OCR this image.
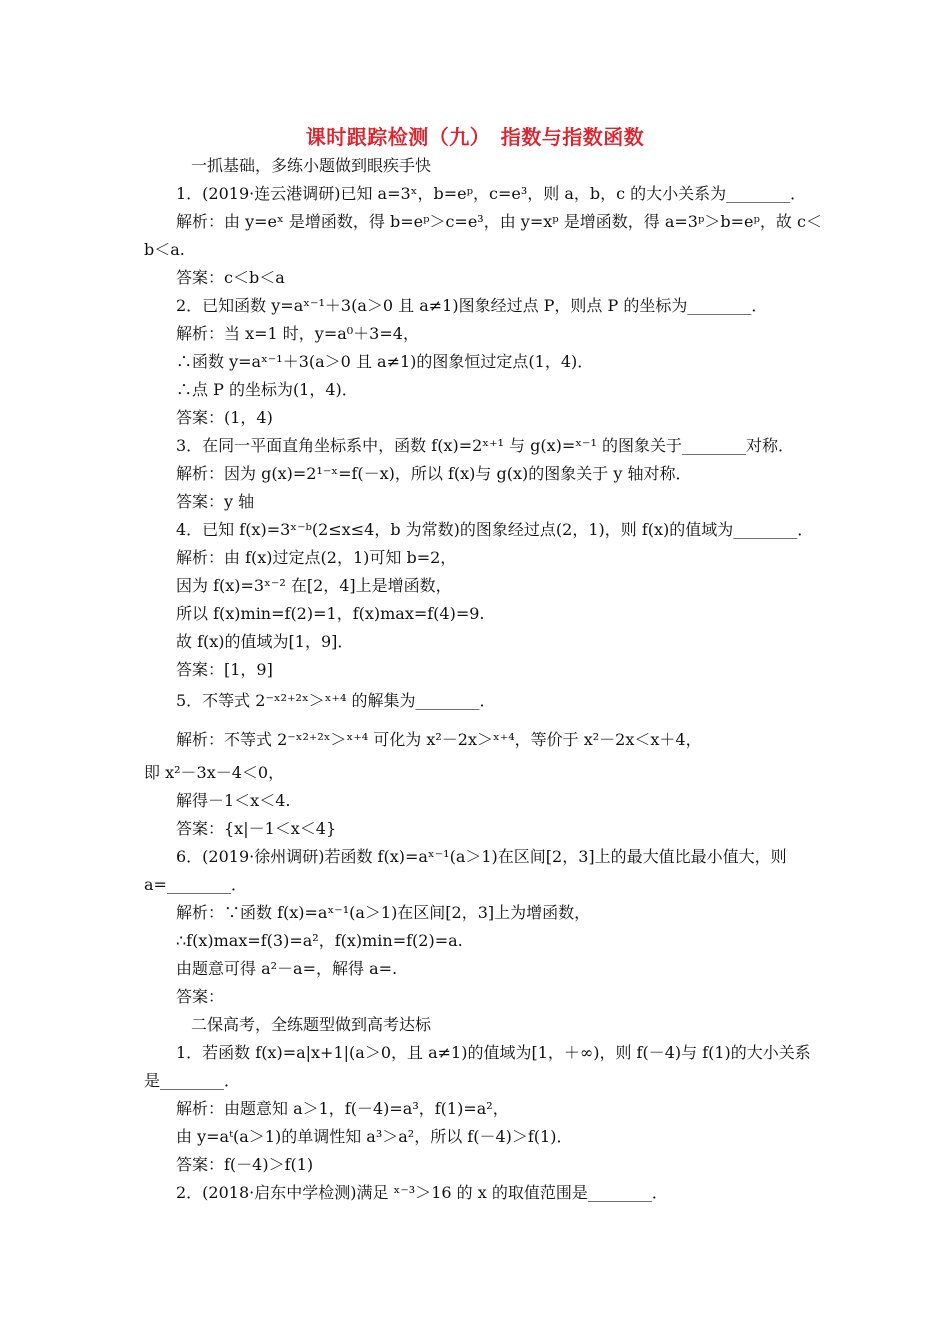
课时跟踪检测（九）　指数与指数函数
一抓基础，多练小题做到眼疾手快
1．(2019·连云港调研)已知 a=3ˣ，b=eᵖ，c=e³，则 a，b，c 的大小关系为________．
解析：由 y=eˣ 是增函数，得 b=eᵖ＞c=e³，由 y=xᵖ 是增函数，得 a=3ᵖ＞b=eᵖ，故 c＜
b＜a.
答案：c＜b＜a
2．已知函数 y=aˣ⁻¹＋3(a＞0 且 a≠1)图象经过点 P，则点 P 的坐标为________．
解析：当 x=1 时，y=a⁰＋3=4，
∴函数 y=aˣ⁻¹＋3(a＞0 且 a≠1)的图象恒过定点(1，4)．
∴点 P 的坐标为(1，4)．
答案：(1，4)
3．在同一平面直角坐标系中，函数 f(x)=2ˣ⁺¹ 与 g(x)=ˣ⁻¹ 的图象关于________对称．
解析：因为 g(x)=2¹⁻ˣ=f(－x)，所以 f(x)与 g(x)的图象关于 y 轴对称．
答案：y 轴
4．已知 f(x)=3ˣ⁻ᵇ(2≤x≤4，b 为常数)的图象经过点(2，1)，则 f(x)的值域为________．
解析：由 f(x)过定点(2，1)可知 b=2，
因为 f(x)=3ˣ⁻² 在[2，4]上是增函数，
所以 f(x)min=f(2)=1，f(x)max=f(4)=9.
故 f(x)的值域为[1，9]．
答案：[1，9]
5．不等式 2⁻ˣ²⁺²ˣ＞ˣ⁺⁴ 的解集为________．
解析：不等式 2⁻ˣ²⁺²ˣ＞ˣ⁺⁴ 可化为 x²－2x＞ˣ⁺⁴，等价于 x²－2x＜x＋4，
即 x²－3x－4＜0，
解得－1＜x＜4.
答案：{x|－1＜x＜4}
6．(2019·徐州调研)若函数 f(x)=aˣ⁻¹(a＞1)在区间[2，3]上的最大值比最小值大，则
a=________．
解析：∵函数 f(x)=aˣ⁻¹(a＞1)在区间[2，3]上为增函数，
∴f(x)max=f(3)=a²，f(x)min=f(2)=a.
由题意可得 a²－a=，解得 a=.
答案：
二保高考，全练题型做到高考达标
1．若函数 f(x)=a|x+1|(a＞0，且 a≠1)的值域为[1，＋∞)，则 f(－4)与 f(1)的大小关系
是________．
解析：由题意知 a＞1，f(－4)=a³，f(1)=a²，
由 y=aᵗ(a＞1)的单调性知 a³＞a²，所以 f(－4)＞f(1)．
答案：f(－4)＞f(1)
2．(2018·启东中学检测)满足 ˣ⁻³＞16 的 x 的取值范围是________．
